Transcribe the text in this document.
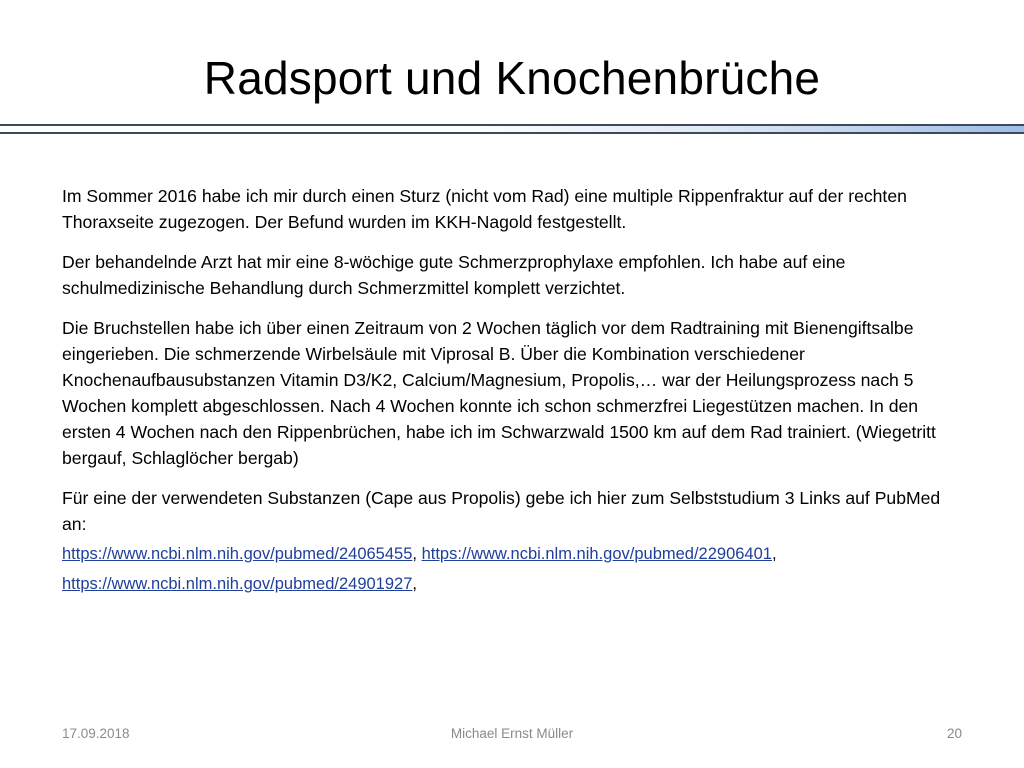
Radsport und Knochenbrüche

Im Sommer 2016 habe ich mir durch einen Sturz (nicht vom Rad) eine multiple Rippenfraktur auf der rechten Thoraxseite zugezogen. Der Befund wurden im KKH-Nagold festgestellt.

Der behandelnde Arzt hat mir eine 8-wöchige gute Schmerzprophylaxe empfohlen. Ich habe auf eine schulmedizinische Behandlung durch Schmerzmittel komplett verzichtet.

Die Bruchstellen habe ich über einen Zeitraum von 2 Wochen täglich vor dem Radtraining mit Bienengiftsalbe eingerieben. Die schmerzende Wirbelsäule mit Viprosal B. Über die Kombination verschiedener Knochenaufbausubstanzen Vitamin D3/K2, Calcium/Magnesium, Propolis,… war der Heilungsprozess nach 5 Wochen komplett abgeschlossen. Nach 4 Wochen konnte ich schon schmerzfrei Liegestützen machen. In den ersten 4 Wochen nach den Rippenbrüchen, habe ich im Schwarzwald 1500 km auf dem Rad trainiert. (Wiegetritt bergauf, Schlaglöcher bergab)

Für eine der verwendeten Substanzen (Cape aus Propolis) gebe ich hier zum Selbststudium 3 Links auf PubMed an:

https://www.ncbi.nlm.nih.gov/pubmed/24065455, https://www.ncbi.nlm.nih.gov/pubmed/22906401,
https://www.ncbi.nlm.nih.gov/pubmed/24901927,
17.09.2018	Michael Ernst Müller	20
